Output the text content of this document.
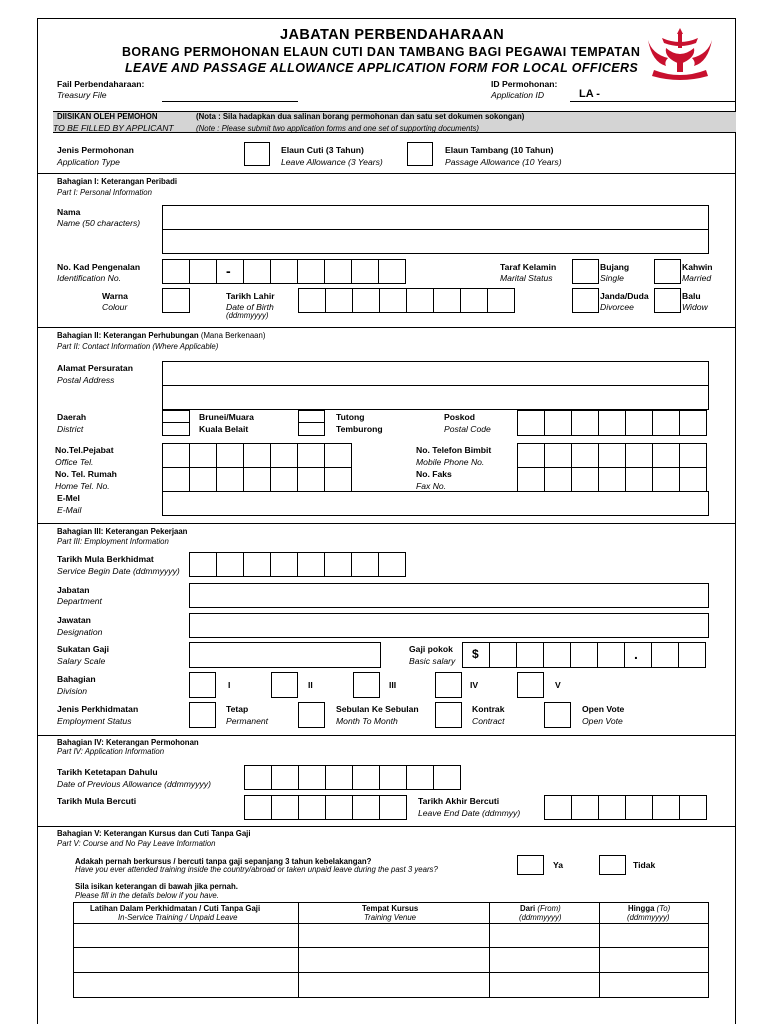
JABATAN PERBENDAHARAAN
BORANG PERMOHONAN ELAUN CUTI DAN TAMBANG BAGI PEGAWAI TEMPATAN
LEAVE AND PASSAGE ALLOWANCE APPLICATION FORM FOR LOCAL OFFICERS
Fail Perbendaharaan:
Treasury File
ID Permohonan:
Application ID	LA -
DIISIKAN OLEH PEMOHON
TO BE FILLED BY APPLICANT
(Nota : Sila hadapkan dua salinan borang permohonan dan satu set dokumen sokongan)
(Note : Please submit two application forms and one set of supporting documents)
Jenis Permohonan
Application Type
Elaun Cuti (3 Tahun)
Leave Allowance (3 Years)
Elaun Tambang (10 Tahun)
Passage Allowance (10 Years)
Bahagian I: Keterangan Peribadi
Part I: Personal Information
Nama
Name (50 characters)
No. Kad Pengenalan
Identification No.	-	Taraf Kelamin
Marital Status
Bujang
Single
Kahwin
Married
Warna
Colour
Tarikh Lahir
Date of Birth
(ddmmyyyy)
Janda/Duda
Divorcee
Balu
Widow
Bahagian II: Keterangan Perhubungan (Mana Berkenaan)
Part II: Contact Information (Where Applicable)
Alamat Persuratan
Postal Address
Daerah
District
Brunei/Muara
Kuala Belait
Tutong
Temburong
Poskod
Postal Code
No.Tel.Pejabat
Office Tel.
No. Tel. Rumah
Home Tel. No.
No. Telefon Bimbit
Mobile Phone No.
No. Faks
Fax No.
E-Mel
E-Mail
Bahagian III: Keterangan Pekerjaan
Part III: Employment Information
Tarikh Mula Berkhidmat
Service Begin Date (ddmmyyyy)
Jabatan
Department
Jawatan
Designation
Sukatan Gaji
Salary Scale
Gaji pokok
Basic salary $	.
Bahagian
Division
I	II	III	IV	V
Jenis Perkhidmatan
Employment Status
Tetap
Permanent
Sebulan Ke Sebulan
Month To Month
Kontrak
Contract
Open Vote
Open Vote
Bahagian IV: Keterangan Permohonan
Part IV: Application Information
Tarikh Ketetapan Dahulu
Date of Previous Allowance (ddmmyyyy)
Tarikh Mula Bercuti	Tarikh Akhir Bercuti
Leave End Date (ddmmyy)
Bahagian V: Keterangan Kursus dan Cuti Tanpa Gaji
Part V: Course and No Pay Leave Information
Adakah pernah berkursus / bercuti tanpa gaji sepanjang 3 tahun kebelakangan?
Have you ever attended training inside the country/abroad or taken unpaid leave during the past 3 years?	Ya	Tidak
Sila isikan keterangan di bawah jika pernah.
Please fill in the details below if you have.
Latihan Dalam Perkhidmatan / Cuti Tanpa Gaji
In-Service Training / Unpaid Leave
Tempat Kursus
Training Venue
Dari (From)
(ddmmyyyy)
Hingga (To)
(ddmmyyyy)
